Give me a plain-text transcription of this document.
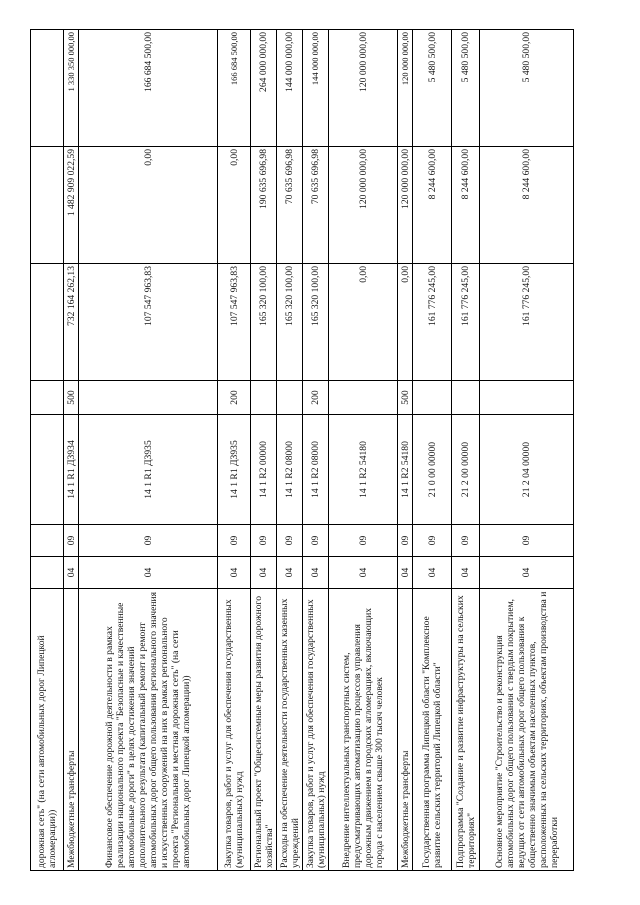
дорожная сеть" (на сети автомобильных дорог Липецкой агломерации))							
Межбюджетные трансферты	04	09	14 1 R1 Д3934	500	732 164 262,13	1 482 909 022,59	1 330 350 000,00
Финансовое обеспечение дорожной деятельности в рамках реализации национального проекта "Безопасные и качественные автомобильные дороги" в целях достижения значений дополнительного результата (капитальный ремонт и ремонт автомобильных дорог общего пользования регионального значения и искусственных сооружений на них в рамках регионального проекта "Региональная и местная дорожная сеть" (на сети автомобильных дорог Липецкой агломерации))	04	09	14 1 R1 Д3935		107 547 963,83	0,00	166 684 500,00
Закупка товаров, работ и услуг для обеспечения государственных (муниципальных) нужд	04	09	14 1 R1 Д3935	200	107 547 963,83	0,00	166 684 500,00
Региональный проект "Общесистемные меры развития дорожного хозяйства"	04	09	14 1 R2 00000		165 320 100,00	190 635 696,98	264 000 000,00
Расходы на обеспечение деятельности государственных казенных учреждений	04	09	14 1 R2 08000		165 320 100,00	70 635 696,98	144 000 000,00
Закупка товаров, работ и услуг для обеспечения государственных (муниципальных) нужд	04	09	14 1 R2 08000	200	165 320 100,00	70 635 696,98	144 000 000,00
Внедрение интеллектуальных транспортных систем, предусматривающих автоматизацию процессов управления дорожным движением в городских агломерациях, включающих города с населением свыше 300 тысяч человек	04	09	14 1 R2 54180		0,00	120 000 000,00	120 000 000,00
Межбюджетные трансферты	04	09	14 1 R2 54180	500	0,00	120 000 000,00	120 000 000,00
Государственная программа Липецкой области "Комплексное развитие сельских территорий Липецкой области"	04	09	21 0 00 00000		161 776 245,00	8 244 600,00	5 480 500,00
Подпрограмма "Создание и развитие инфраструктуры на сельских территориях"	04	09	21 2 00 00000		161 776 245,00	8 244 600,00	5 480 500,00
Основное мероприятие "Строительство и реконструкция автомобильных дорог общего пользования с твердым покрытием, ведущих от сети автомобильных дорог общего пользования к общественно значимым объектам населенных пунктов, расположенных на сельских территориях, объектам производства и переработки	04	09	21 2 04 00000		161 776 245,00	8 244 600,00	5 480 500,00
